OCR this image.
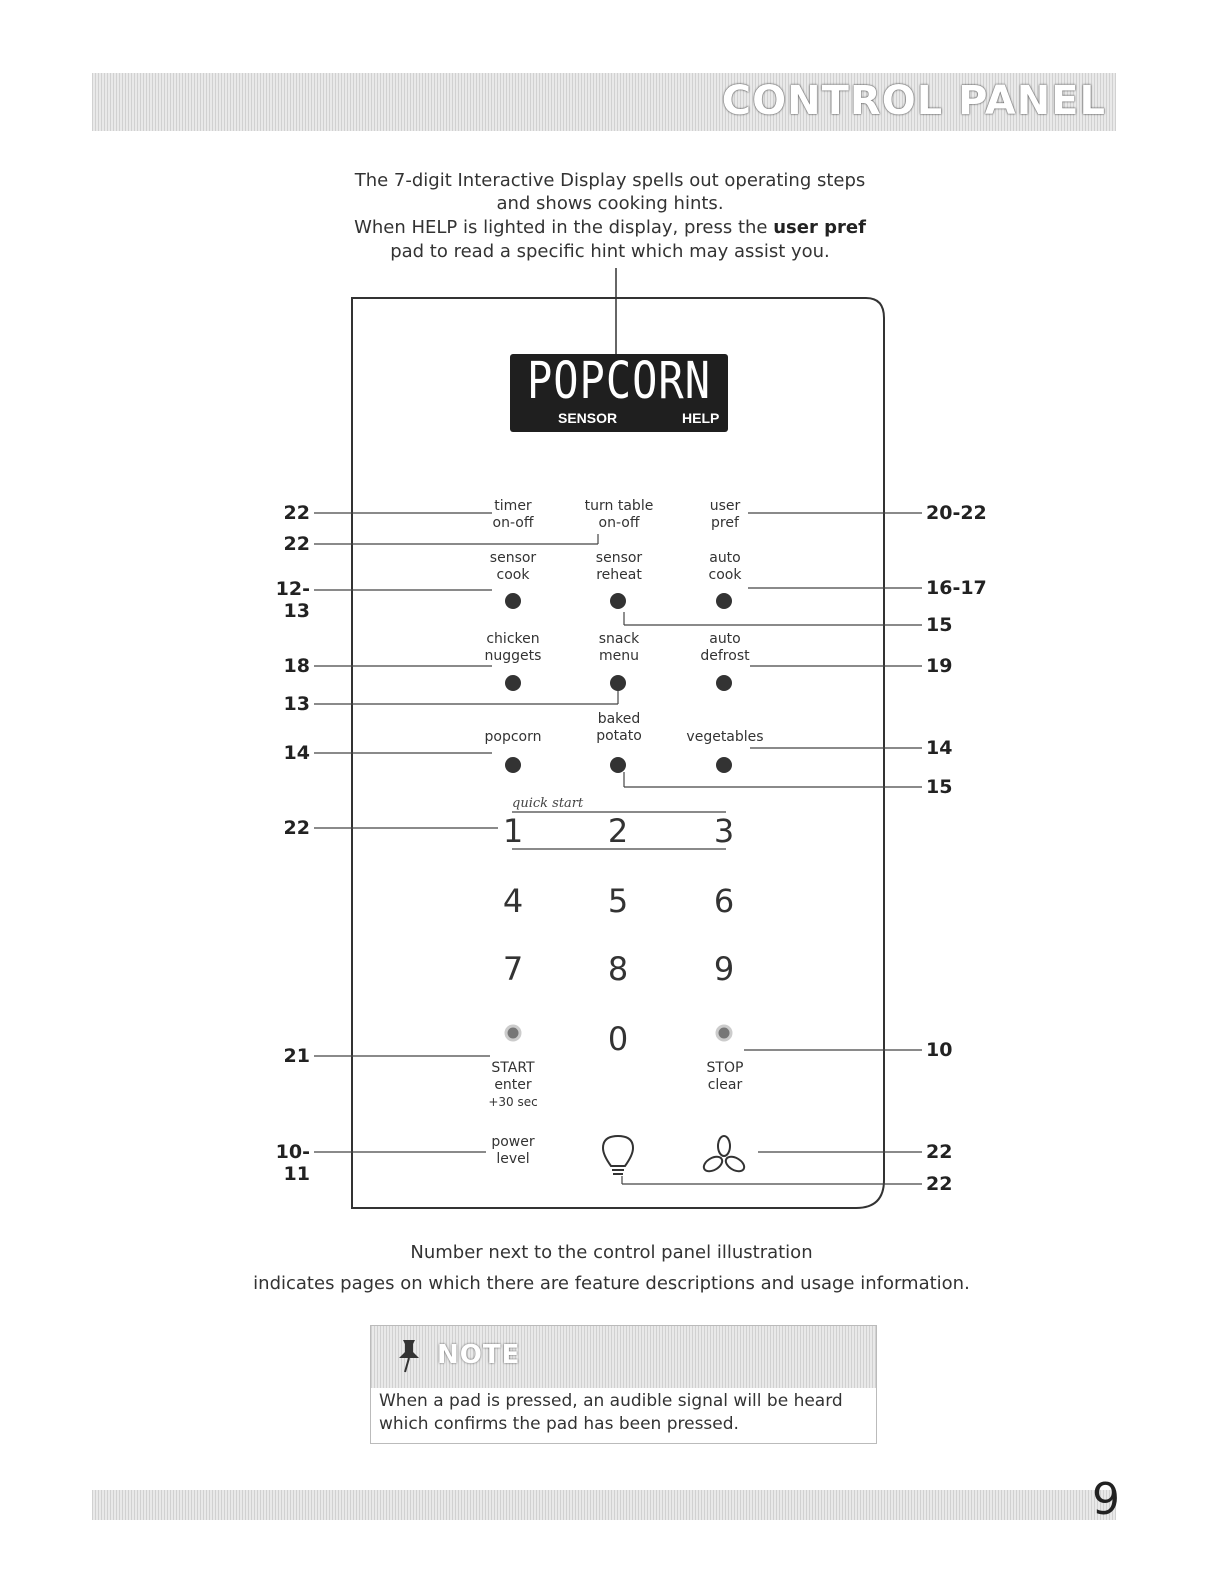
CONTROL PANEL
The 7-digit Interactive Display spells out operating steps
and shows cooking hints.
When HELP is lighted in the display, press the user pref
pad to read a specific hint which may assist you.
POPCORN
SENSOR	HELP
timer
on-off
turn table
on-off
user
pref
sensor
cook
sensor
reheat
auto
cook
chicken
nuggets
snack
menu
auto
defrost
popcorn
baked
potato	vegetables
quick start
1	2	3
4	5	6
7	8	9
0
START
enter
+30 sec
STOP
clear
power
level
22
22
12-13
18
13
14
22
21
10-11
20-22
16-17
15
19
14
15
10
22
22
Number next to the control panel illustration
indicates pages on which there are feature descriptions and usage information.
NOTE
When a pad is pressed, an audible signal will be heard which confirms the pad has been pressed.
9
